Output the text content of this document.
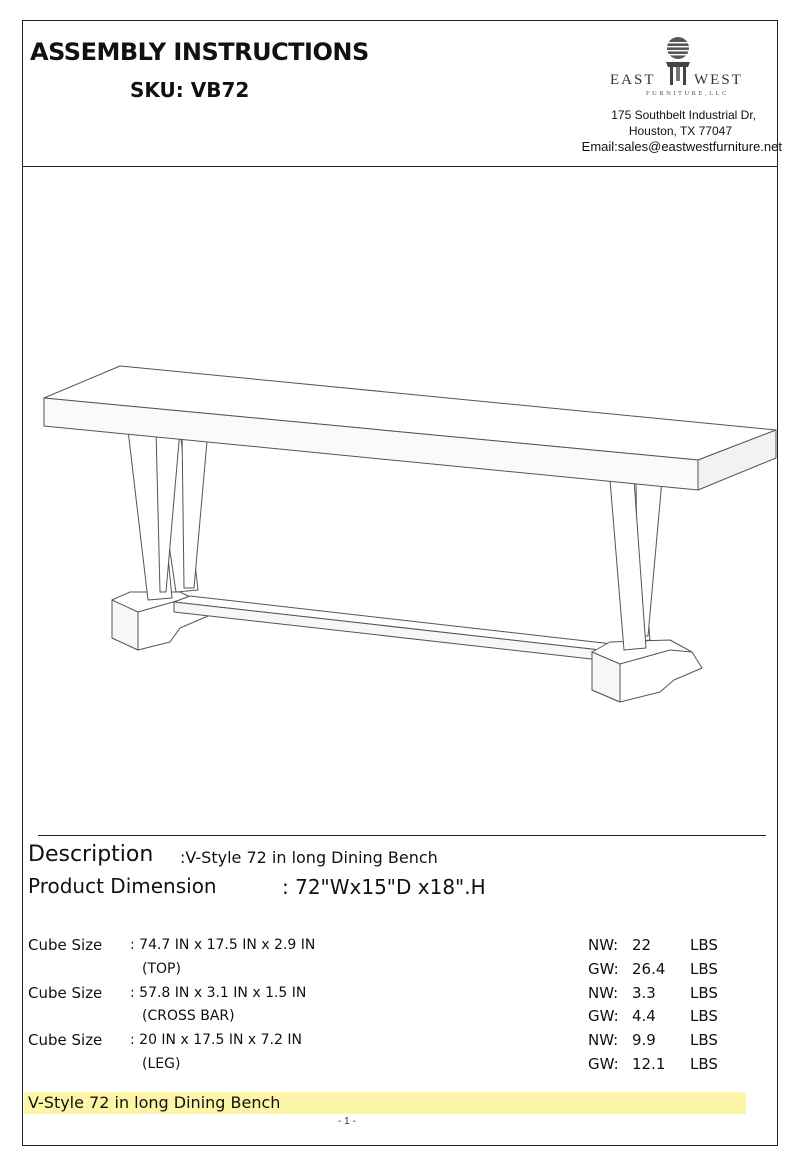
ASSEMBLY INSTRUCTIONS
SKU: VB72	EAST	WEST
FURNITURE,LLC
175 Southbelt Industrial Dr,
Houston, TX 77047
Email:sales@eastwestfurniture.net
Description :V-Style 72 in long Dining Bench
Product Dimension	: 72"Wx15"D x18".H
Cube Size : 74.7 IN x 17.5 IN x 2.9 IN
(TOP)
NW: 22	LBS
GW: 26.4 LBS
Cube Size : 57.8 IN x 3.1 IN x 1.5 IN
(CROSS BAR)
NW: 3.3 LBS
GW: 4.4 LBS
Cube Size : 20 IN x 17.5 IN x 7.2 IN
(LEG)
NW: 9.9 LBS
GW: 12.1 LBS
V-Style 72 in long Dining Bench
- 1 -
